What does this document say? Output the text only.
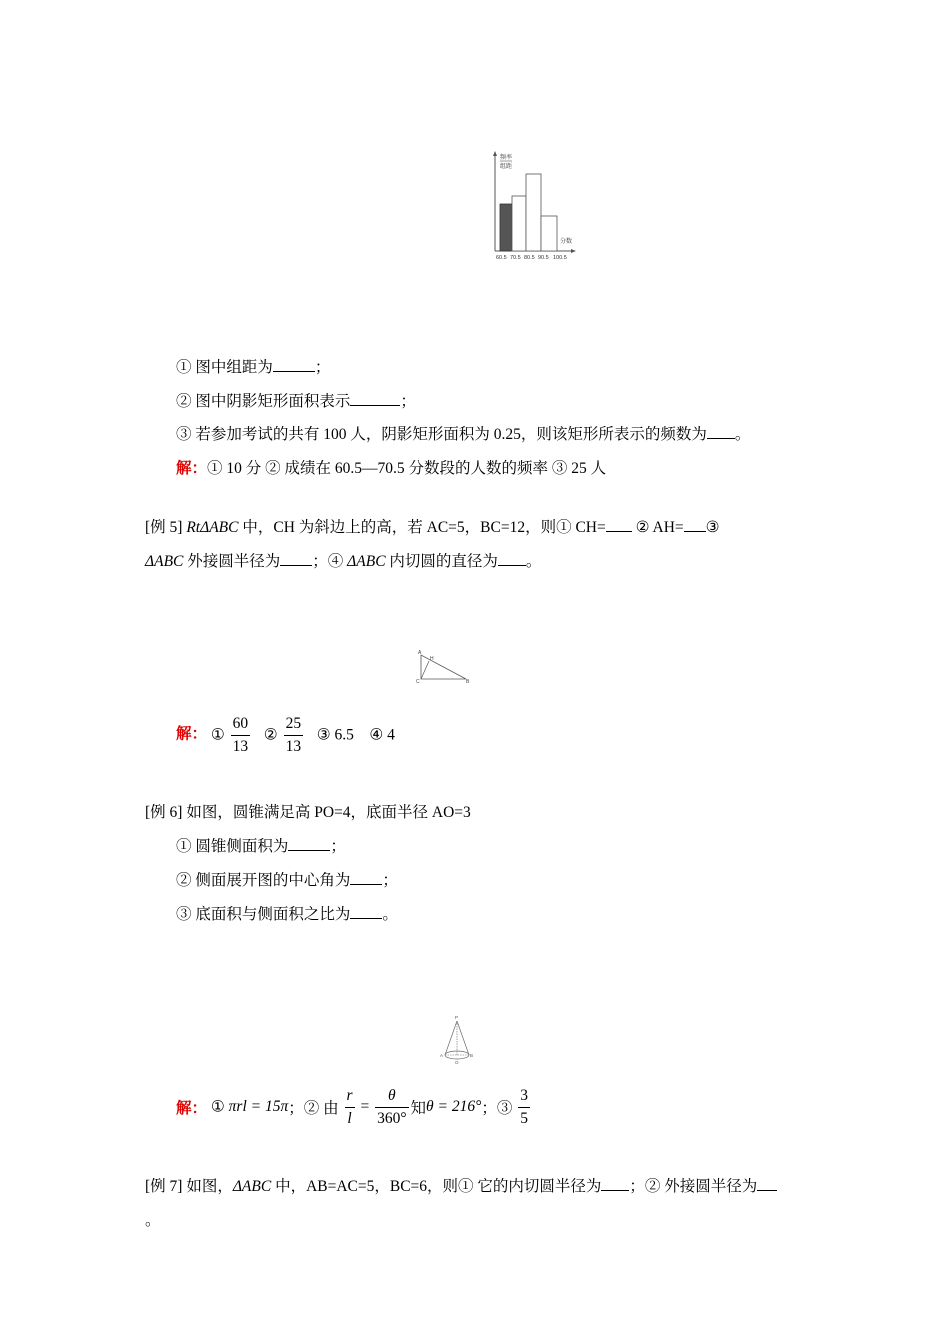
频率
组距
分数
60.5 70.5 80.5 90.5 100.5
① 图中组距为	；
② 图中阴影矩形面积表示	；
③ 若参加考试的共有 100 人，阴影矩形面积为 0.25，则该矩形所表示的频数为 。
解：① 10 分 ② 成绩在 60.5—70.5 分数段的人数的频率 ③ 25 人
[例 5] RtΔABC 中，CH 为斜边上的高，若 AC=5，BC=12，则① CH= ② AH= ③
ΔABC 外接圆半径为 ；④ ΔABC 内切圆的直径为 。
A
H
C	B
解： ① $\frac{60}{13}$ ② $\frac{25}{13}$ ③ 6.5 ④ 4
[例 6] 如图，圆锥满足高 PO=4，底面半径 AO=3
① 圆锥侧面积为	；
② 侧面展开图的中心角为 ；
③ 底面积与侧面积之比为 。
P
A
O
B
解： ① πrl = 15π；② 由 $\frac{r}{l} = \frac{\theta}{360^\circ}$ 知θ = 216°；③ $\frac{3}{5}$
[例 7] 如图，ΔABC 中，AB=AC=5，BC=6，则① 它的内切圆半径为 ；② 外接圆半径为
。
